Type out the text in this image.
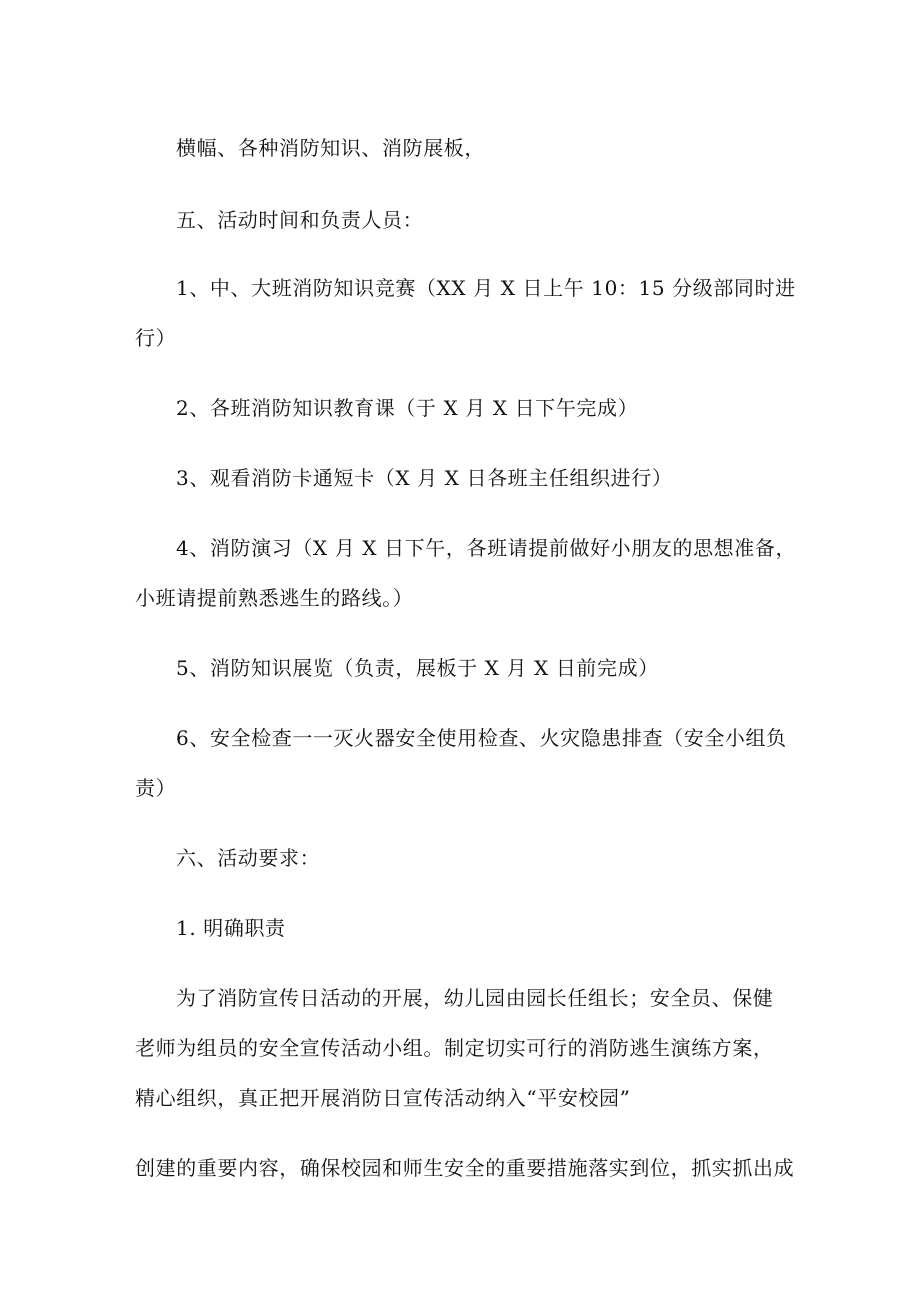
横幅、各种消防知识、消防展板，
五、活动时间和负责人员：
1、中、大班消防知识竞赛（XX 月 X 日上午 10：15 分级部同时进
行）
2、各班消防知识教育课（于 X 月 X 日下午完成）
3、观看消防卡通短卡（X 月 X 日各班主任组织进行）
4、消防演习（X 月 X 日下午，各班请提前做好小朋友的思想准备，
小班请提前熟悉逃生的路线。）
5、消防知识展览（负责，展板于 X 月 X 日前完成）
6、安全检查一一灭火器安全使用检查、火灾隐患排查（安全小组负
责）
六、活动要求：
1. 明确职责
为了消防宣传日活动的开展，幼儿园由园长任组长；安全员、保健
老师为组员的安全宣传活动小组。制定切实可行的消防逃生演练方案，
精心组织，真正把开展消防日宣传活动纳入“平安校园”
创建的重要内容，确保校园和师生安全的重要措施落实到位，抓实抓出成
